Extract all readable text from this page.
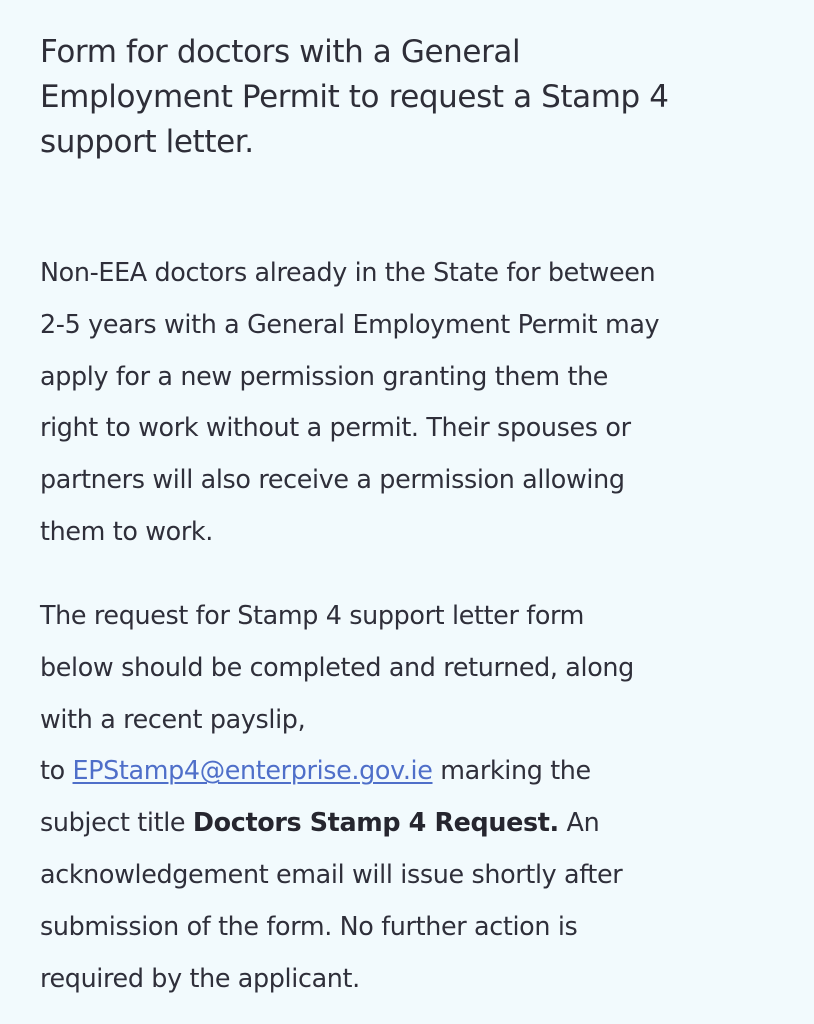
Form for doctors with a General
Employment Permit to request a Stamp 4
support letter.

Non-EEA doctors already in the State for between
2-5 years with a General Employment Permit may
apply for a new permission granting them the
right to work without a permit. Their spouses or
partners will also receive a permission allowing
them to work.

The request for Stamp 4 support letter form
below should be completed and returned, along
with a recent payslip,
to EPStamp4@enterprise.gov.ie marking the
subject title Doctors Stamp 4 Request. An
acknowledgement email will issue shortly after
submission of the form. No further action is
required by the applicant.
